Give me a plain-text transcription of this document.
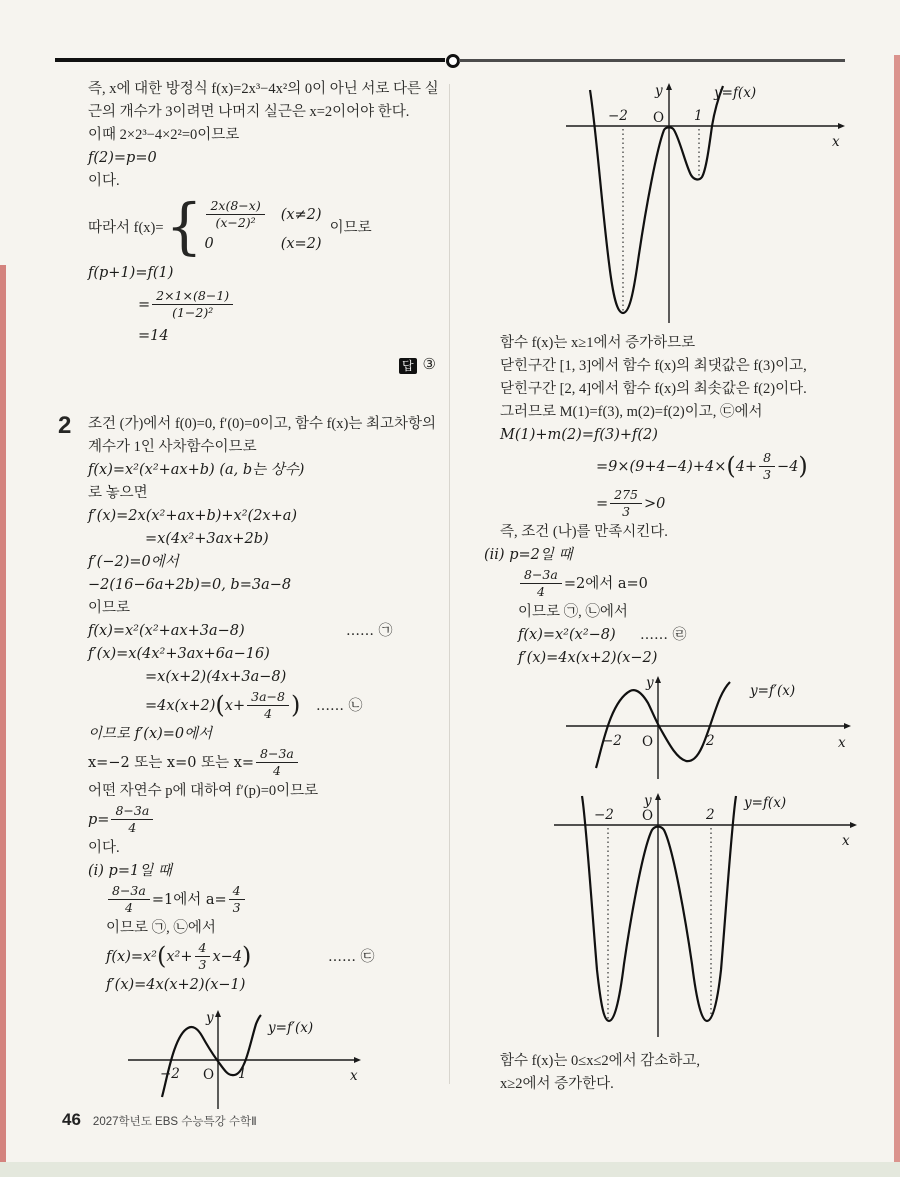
즉, x에 대한 방정식 f(x)=2x³−4x²의 0이 아닌 서로 다른 실근의 개수가 3이려면 나머지 실근은 x=2이어야 한다.
이때 2×2³−4×2²=0이므로
f(2)=p=0
이다.
따라서 f(x)= { $\frac{2x(8-x)}{\text{(x−2)²}} (x\ne 2)$
0	(x=2)
이므로
f(p+1)=f(1)
= $\frac{2\times 1\times(8-1)}{\text{(1−2)²}}$
=14
답 ③
2	조건 (가)에서 f(0)=0, f′(0)=0이고, 함수 f(x)는 최고차항의 계수가 1인 사차함수이므로
f(x)=x²(x²+ax+b) (a, b는 상수)
로 놓으면
f′(x)=2x(x²+ax+b)+x²(2x+a)
=x(4x²+3ax+2b)
f′(−2)=0에서
−2(16−6a+2b)=0, b=3a−8
이므로
f(x)=x²(x²+ax+3a−8)	…… ㉠
f′(x)=x(4x²+3ax+6a−16)
=x(x+2)(4x+3a−8)
=4x(x+2) ( $x+ \frac{3a-8}{4}$ ) …… ㉡
이므로 f′(x)=0에서
x=−2 또는 x=0 또는 $x= \frac{8-3a}{4}$
어떤 자연수 p에 대하여 f′(p)=0이므로
$p= \frac{8-3a}{4}$
이다.
(i) p=1일 때
$\frac{8-3a}{4} =1$에서 $a= \frac{4}{3}$
이므로 ㉠, ㉡에서
f(x)=x² ( $x^2+ \frac{4}{3} x-4$ )	…… ㉢
f′(x)=4x(x+2)(x−1)
y
y=f′(x)
−2 O 1	x
y	y=f(x)
−2 O 1
x
함수 f(x)는 x≥1에서 증가하므로
닫힌구간 [1, 3]에서 함수 f(x)의 최댓값은 f(3)이고,
닫힌구간 [2, 4]에서 함수 f(x)의 최솟값은 f(2)이다.
그러므로 M(1)=f(3), m(2)=f(2)이고, ㉢에서
M(1)+m(2)=f(3)+f(2)
=9×(9+4−4)+4× ( $4+ \frac{8}{3} -4$ )
= $\frac{275}{3} >0$
즉, 조건 (나)를 만족시킨다.
(ii) p=2일 때
$\frac{8-3a}{4} =2$에서 a=0
이므로 ㉠, ㉡에서
f(x)=x²(x²−8) …… ㉣
f′(x)=4x(x+2)(x−2)
y	y=f′(x)
−2 O	2	x
y	y=f(x)
−2 O	2
x
함수 f(x)는 0≤x≤2에서 감소하고,
x≥2에서 증가한다.
46 2027학년도 EBS 수능특강 수학Ⅱ
